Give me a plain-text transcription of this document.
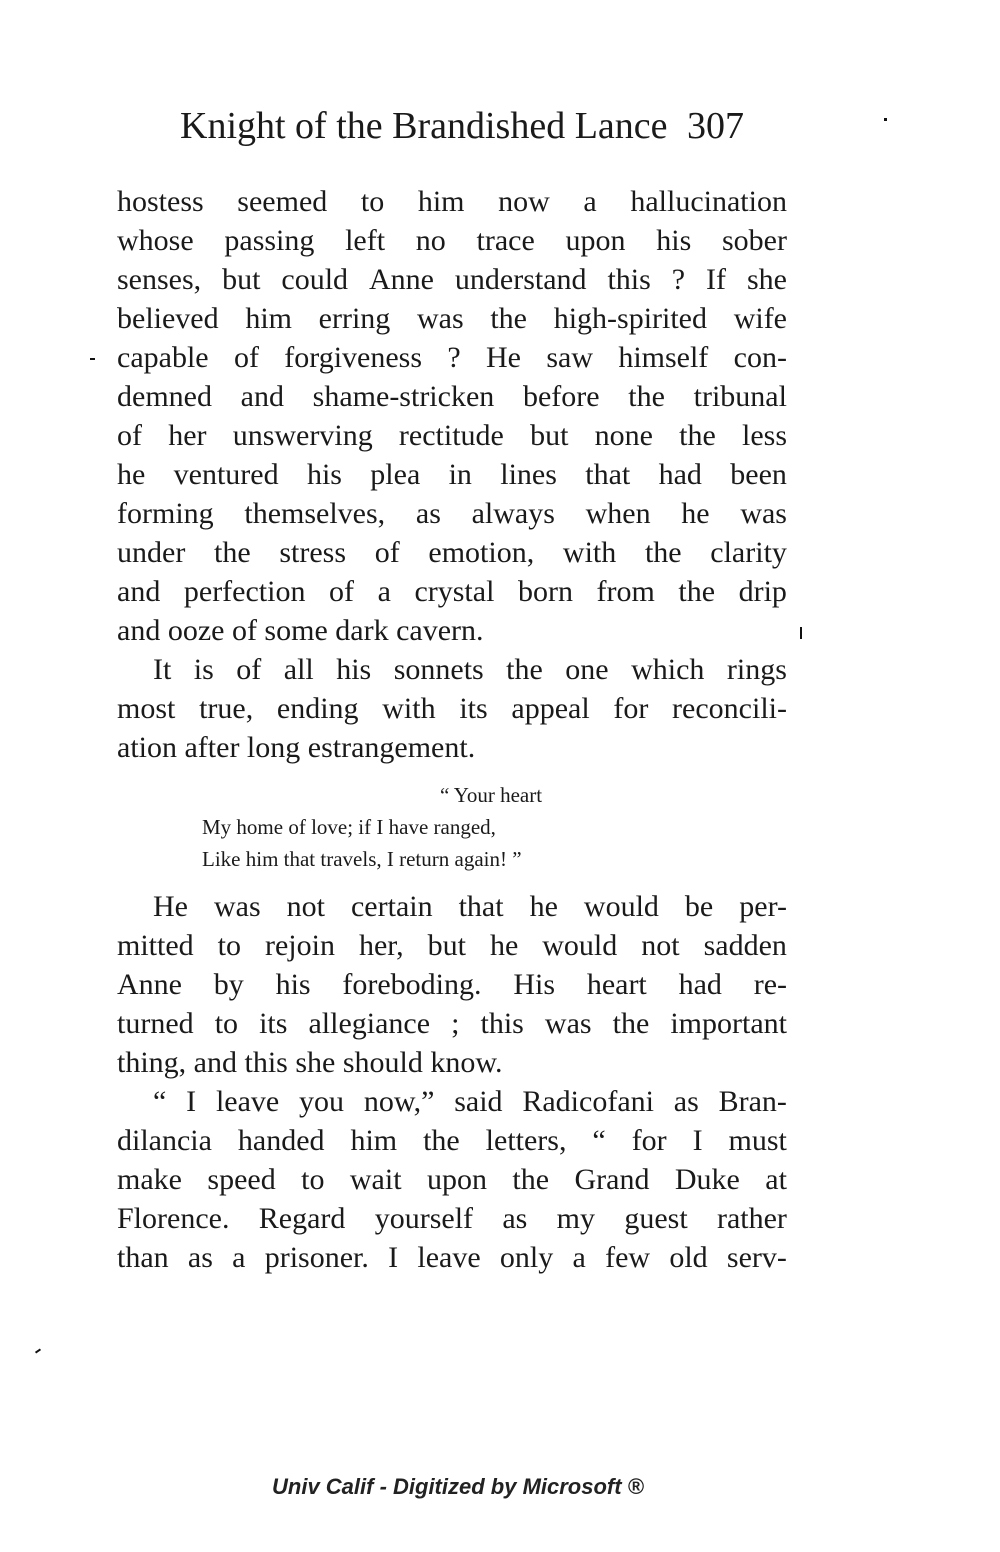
Knight of the Brandished Lance 307
hostess seemed to him now a hallucination
whose passing left no trace upon his sober
senses, but could Anne understand this ? If she
believed him erring was the high-spirited wife
capable of forgiveness ? He saw himself con-
demned and shame-stricken before the tribunal
of her unswerving rectitude but none the less
he ventured his plea in lines that had been
forming themselves, as always when he was
under the stress of emotion, with the clarity
and perfection of a crystal born from the drip
and ooze of some dark cavern.
It is of all his sonnets the one which rings
most true, ending with its appeal for reconcili-
ation after long estrangement.
“ Your heart
My home of love; if I have ranged,
Like him that travels, I return again! ”
He was not certain that he would be per-
mitted to rejoin her, but he would not sadden
Anne by his foreboding. His heart had re-
turned to its allegiance ; this was the important
thing, and this she should know.
“ I leave you now,” said Radicofani as Bran-
dilancia handed him the letters, “ for I must
make speed to wait upon the Grand Duke at
Florence. Regard yourself as my guest rather
than as a prisoner. I leave only a few old serv-
Univ Calif - Digitized by Microsoft ®
